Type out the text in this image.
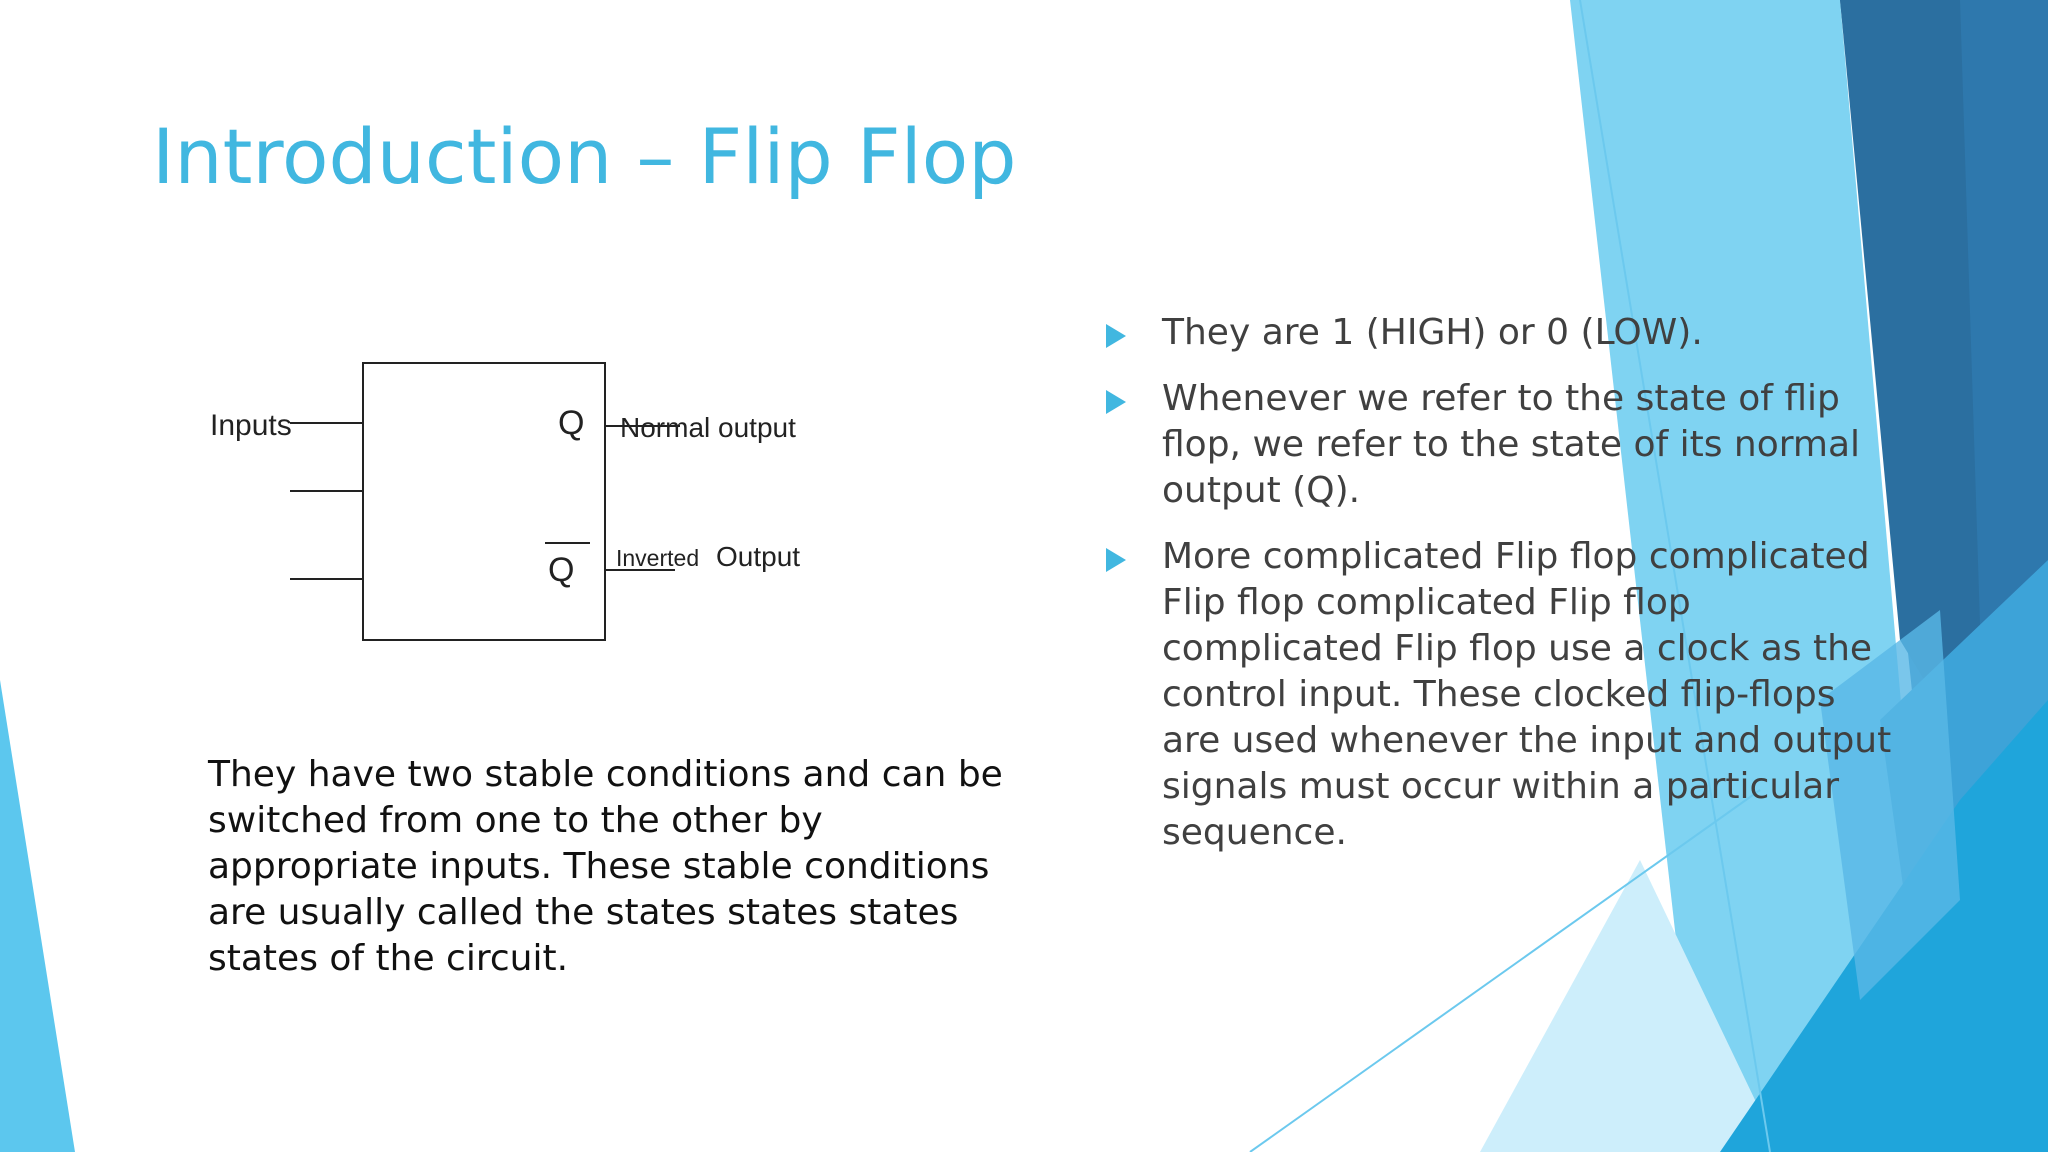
Introduction – Flip Flop
Inputs	Q
Q
Normal output
Inverted Output

They have two stable conditions and can be switched from one to the other by appropriate inputs. These stable conditions are usually called the states states states states of the circuit.

They are 1 (HIGH) or 0 (LOW).
Whenever we refer to the state of flip flop, we refer to the state of its normal output (Q).
More complicated Flip flop complicated Flip flop complicated Flip flop complicated Flip flop use a clock as the control input. These clocked flip-flops are used whenever the input and output signals must occur within a particular sequence.
